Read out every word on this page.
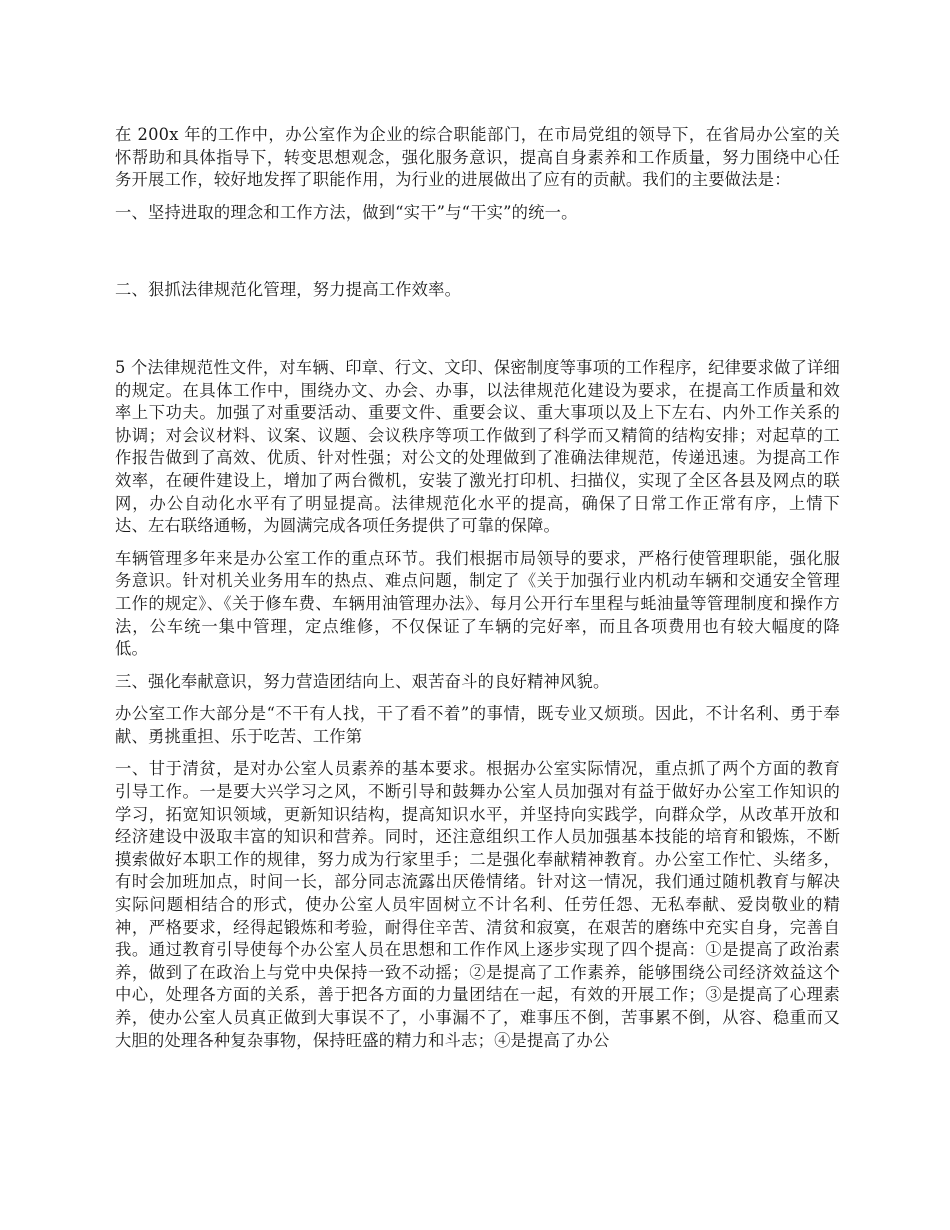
在 200x 年的工作中，办公室作为企业的综合职能部门，在市局党组的领导下，在省局办公室的关怀帮助和具体指导下，转变思想观念，强化服务意识，提高自身素养和工作质量，努力围绕中心任务开展工作，较好地发挥了职能作用，为行业的进展做出了应有的贡献。我们的主要做法是：

一、坚持进取的理念和工作方法，做到“实干”与“干实”的统一。

二、狠抓法律规范化管理，努力提高工作效率。

5 个法律规范性文件，对车辆、印章、行文、文印、保密制度等事项的工作程序，纪律要求做了详细的规定。在具体工作中，围绕办文、办会、办事，以法律规范化建设为要求，在提高工作质量和效率上下功夫。加强了对重要活动、重要文件、重要会议、重大事项以及上下左右、内外工作关系的协调；对会议材料、议案、议题、会议秩序等项工作做到了科学而又精简的结构安排；对起草的工作报告做到了高效、优质、针对性强；对公文的处理做到了准确法律规范，传递迅速。为提高工作效率，在硬件建设上，增加了两台微机，安装了激光打印机、扫描仪，实现了全区各县及网点的联网，办公自动化水平有了明显提高。法律规范化水平的提高，确保了日常工作正常有序，上情下达、左右联络通畅，为圆满完成各项任务提供了可靠的保障。

车辆管理多年来是办公室工作的重点环节。我们根据市局领导的要求，严格行使管理职能，强化服务意识。针对机关业务用车的热点、难点问题，制定了《关于加强行业内机动车辆和交通安全管理工作的规定》、《关于修车费、车辆用油管理办法》、每月公开行车里程与蚝油量等管理制度和操作方法，公车统一集中管理，定点维修，不仅保证了车辆的完好率，而且各项费用也有较大幅度的降低。

三、强化奉献意识，努力营造团结向上、艰苦奋斗的良好精神风貌。

办公室工作大部分是“不干有人找，干了看不着”的事情，既专业又烦琐。因此，不计名利、勇于奉献、勇挑重担、乐于吃苦、工作第

一、甘于清贫，是对办公室人员素养的基本要求。根据办公室实际情况，重点抓了两个方面的教育引导工作。一是要大兴学习之风，不断引导和鼓舞办公室人员加强对有益于做好办公室工作知识的学习，拓宽知识领域，更新知识结构，提高知识水平，并坚持向实践学，向群众学，从改革开放和经济建设中汲取丰富的知识和营养。同时，还注意组织工作人员加强基本技能的培育和锻炼，不断摸索做好本职工作的规律，努力成为行家里手；二是强化奉献精神教育。办公室工作忙、头绪多，有时会加班加点，时间一长，部分同志流露出厌倦情绪。针对这一情况，我们通过随机教育与解决实际问题相结合的形式，使办公室人员牢固树立不计名利、任劳任怨、无私奉献、爱岗敬业的精神，严格要求，经得起锻炼和考验，耐得住辛苦、清贫和寂寞，在艰苦的磨练中充实自身，完善自我。通过教育引导使每个办公室人员在思想和工作作风上逐步实现了四个提高：①是提高了政治素养，做到了在政治上与党中央保持一致不动摇；②是提高了工作素养，能够围绕公司经济效益这个中心，处理各方面的关系，善于把各方面的力量团结在一起，有效的开展工作；③是提高了心理素养，使办公室人员真正做到大事误不了，小事漏不了，难事压不倒，苦事累不倒，从容、稳重而又大胆的处理各种复杂事物，保持旺盛的精力和斗志；④是提高了办公
